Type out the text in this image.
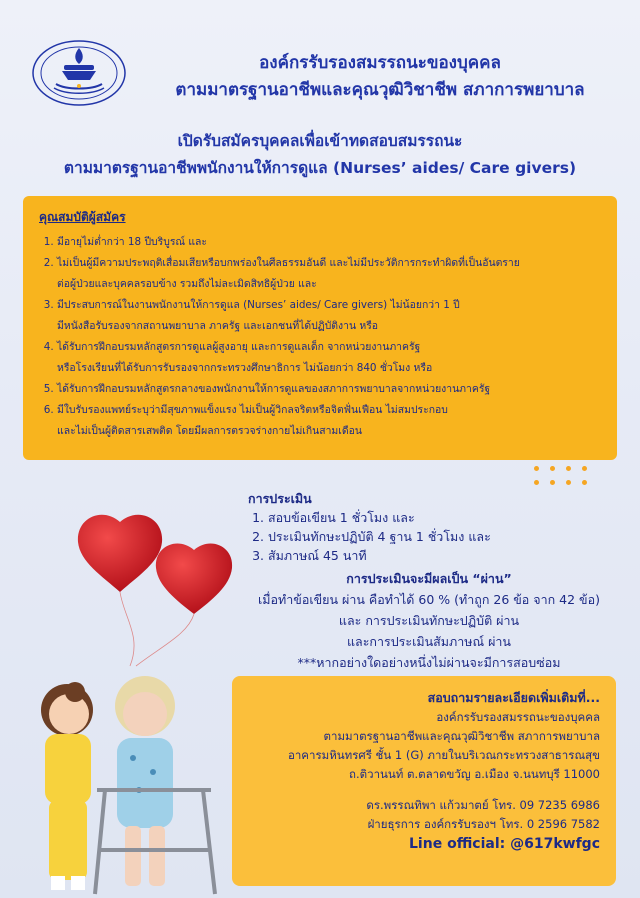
องค์กรรับรองสมรรถนะของบุคคล
ตามมาตรฐานอาชีพและคุณวุฒิวิชาชีพ สภาการพยาบาล
เปิดรับสมัครบุคคลเพื่อเข้าทดสอบสมรรถนะ
ตามมาตรฐานอาชีพพนักงานให้การดูแล (Nurses’ aides/ Care givers)
คุณสมบัติผู้สมัคร
1. มีอายุไม่ต่ำกว่า 18 ปีบริบูรณ์ และ
2. ไม่เป็นผู้มีความประพฤติเสื่อมเสียหรือบกพร่องในศีลธรรมอันดี และไม่มีประวัติการกระทำผิดที่เป็นอันตราย
ต่อผู้ป่วยและบุคคลรอบข้าง รวมถึงไม่ละเมิดสิทธิผู้ป่วย และ
3. มีประสบการณ์ในงานพนักงานให้การดูแล (Nurses’ aides/ Care givers) ไม่น้อยกว่า 1 ปี
มีหนังสือรับรองจากสถานพยาบาล ภาครัฐ และเอกชนที่ได้ปฏิบัติงาน หรือ
4. ได้รับการฝึกอบรมหลักสูตรการดูแลผู้สูงอายุ และการดูแลเด็ก จากหน่วยงานภาครัฐ
หรือโรงเรียนที่ได้รับการรับรองจากกระทรวงศึกษาธิการ ไม่น้อยกว่า 840 ชั่วโมง หรือ
5. ได้รับการฝึกอบรมหลักสูตรกลางของพนักงานให้การดูแลของสภาการพยาบาลจากหน่วยงานภาครัฐ
6. มีใบรับรองแพทย์ระบุว่ามีสุขภาพแข็งแรง ไม่เป็นผู้วิกลจริตหรือจิตฟั่นเฟือน ไม่สมประกอบ
และไม่เป็นผู้ติดสารเสพติด โดยมีผลการตรวจร่างกายไม่เกินสามเดือน
การประเมิน
1. สอบข้อเขียน 1 ชั่วโมง และ
2. ประเมินทักษะปฏิบัติ 4 ฐาน 1 ชั่วโมง และ
3. สัมภาษณ์ 45 นาที
การประเมินจะมีผลเป็น “ผ่าน”
เมื่อทำข้อเขียน ผ่าน คือทำได้ 60 % (ทำถูก 26 ข้อ จาก 42 ข้อ)
และ การประเมินทักษะปฏิบัติ ผ่าน
และการประเมินสัมภาษณ์ ผ่าน
***หากอย่างใดอย่างหนึ่งไม่ผ่านจะมีการสอบซ่อม
สอบถามรายละเอียดเพิ่มเติมที่...
องค์กรรับรองสมรรถนะของบุคคล
ตามมาตรฐานอาชีพและคุณวุฒิวิชาชีพ สภาการพยาบาล
อาคารมหินทรศรี ชั้น 1 (G) ภายในบริเวณกระทรวงสาธารณสุข
ถ.ติวานนท์ ต.ตลาดขวัญ อ.เมือง จ.นนทบุรี 11000
ดร.พรรณทิพา แก้วมาตย์ โทร. 09 7235 6986
ฝ่ายธุรการ องค์กรรับรองฯ โทร. 0 2596 7582
Line official: @617kwfgc
